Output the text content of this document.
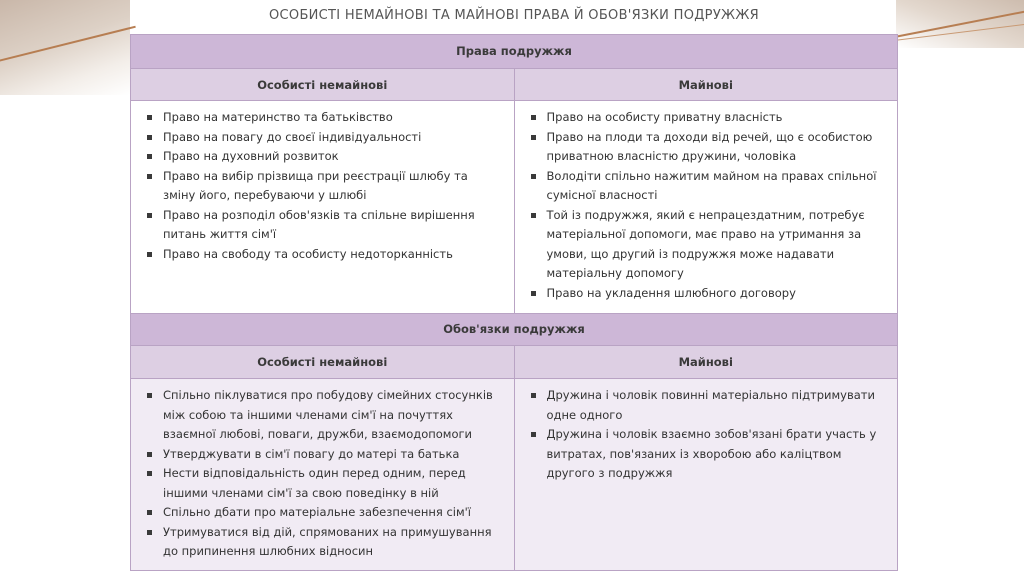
ОСОБИСТІ НЕМАЙНОВІ ТА МАЙНОВІ ПРАВА Й ОБОВ'ЯЗКИ ПОДРУЖЖЯ
Права подружжя
Особисті немайнові	Майнові
Право на материнство та батьківство
Право на повагу до своєї індивідуальності
Право на духовний розвиток
Право на вибір прізвища при реєстрації шлюбу та зміну його, перебуваючи у шлюбі
Право на розподіл обов'язків та спільне вирішення питань життя сім'ї
Право на свободу та особисту недоторканність
Право на особисту приватну власність
Право на плоди та доходи від речей, що є особистою приватною власністю дружини, чоловіка
Володіти спільно нажитим майном на правах спільної сумісної власності
Той із подружжя, який є непрацездатним, потребує матеріальної допомоги, має право на утримання за умови, що другий із подружжя може надавати матеріальну допомогу
Право на укладення шлюбного договору
Обов'язки подружжя
Особисті немайнові	Майнові
Спільно піклуватися про побудову сімейних стосунків між собою та іншими членами сім'ї на почуттях взаємної любові, поваги, дружби, взаємодопомоги
Утверджувати в сім'ї повагу до матері та батька
Нести відповідальність один перед одним, перед іншими членами сім'ї за свою поведінку в ній
Спільно дбати про матеріальне забезпечення сім'ї
Утримуватися від дій, спрямованих на примушування до припинення шлюбних відносин
Дружина і чоловік повинні матеріально підтримувати одне одного
Дружина і чоловік взаємно зобов'язані брати участь у витратах, пов'язаних із хворобою або каліцтвом другого з подружжя
